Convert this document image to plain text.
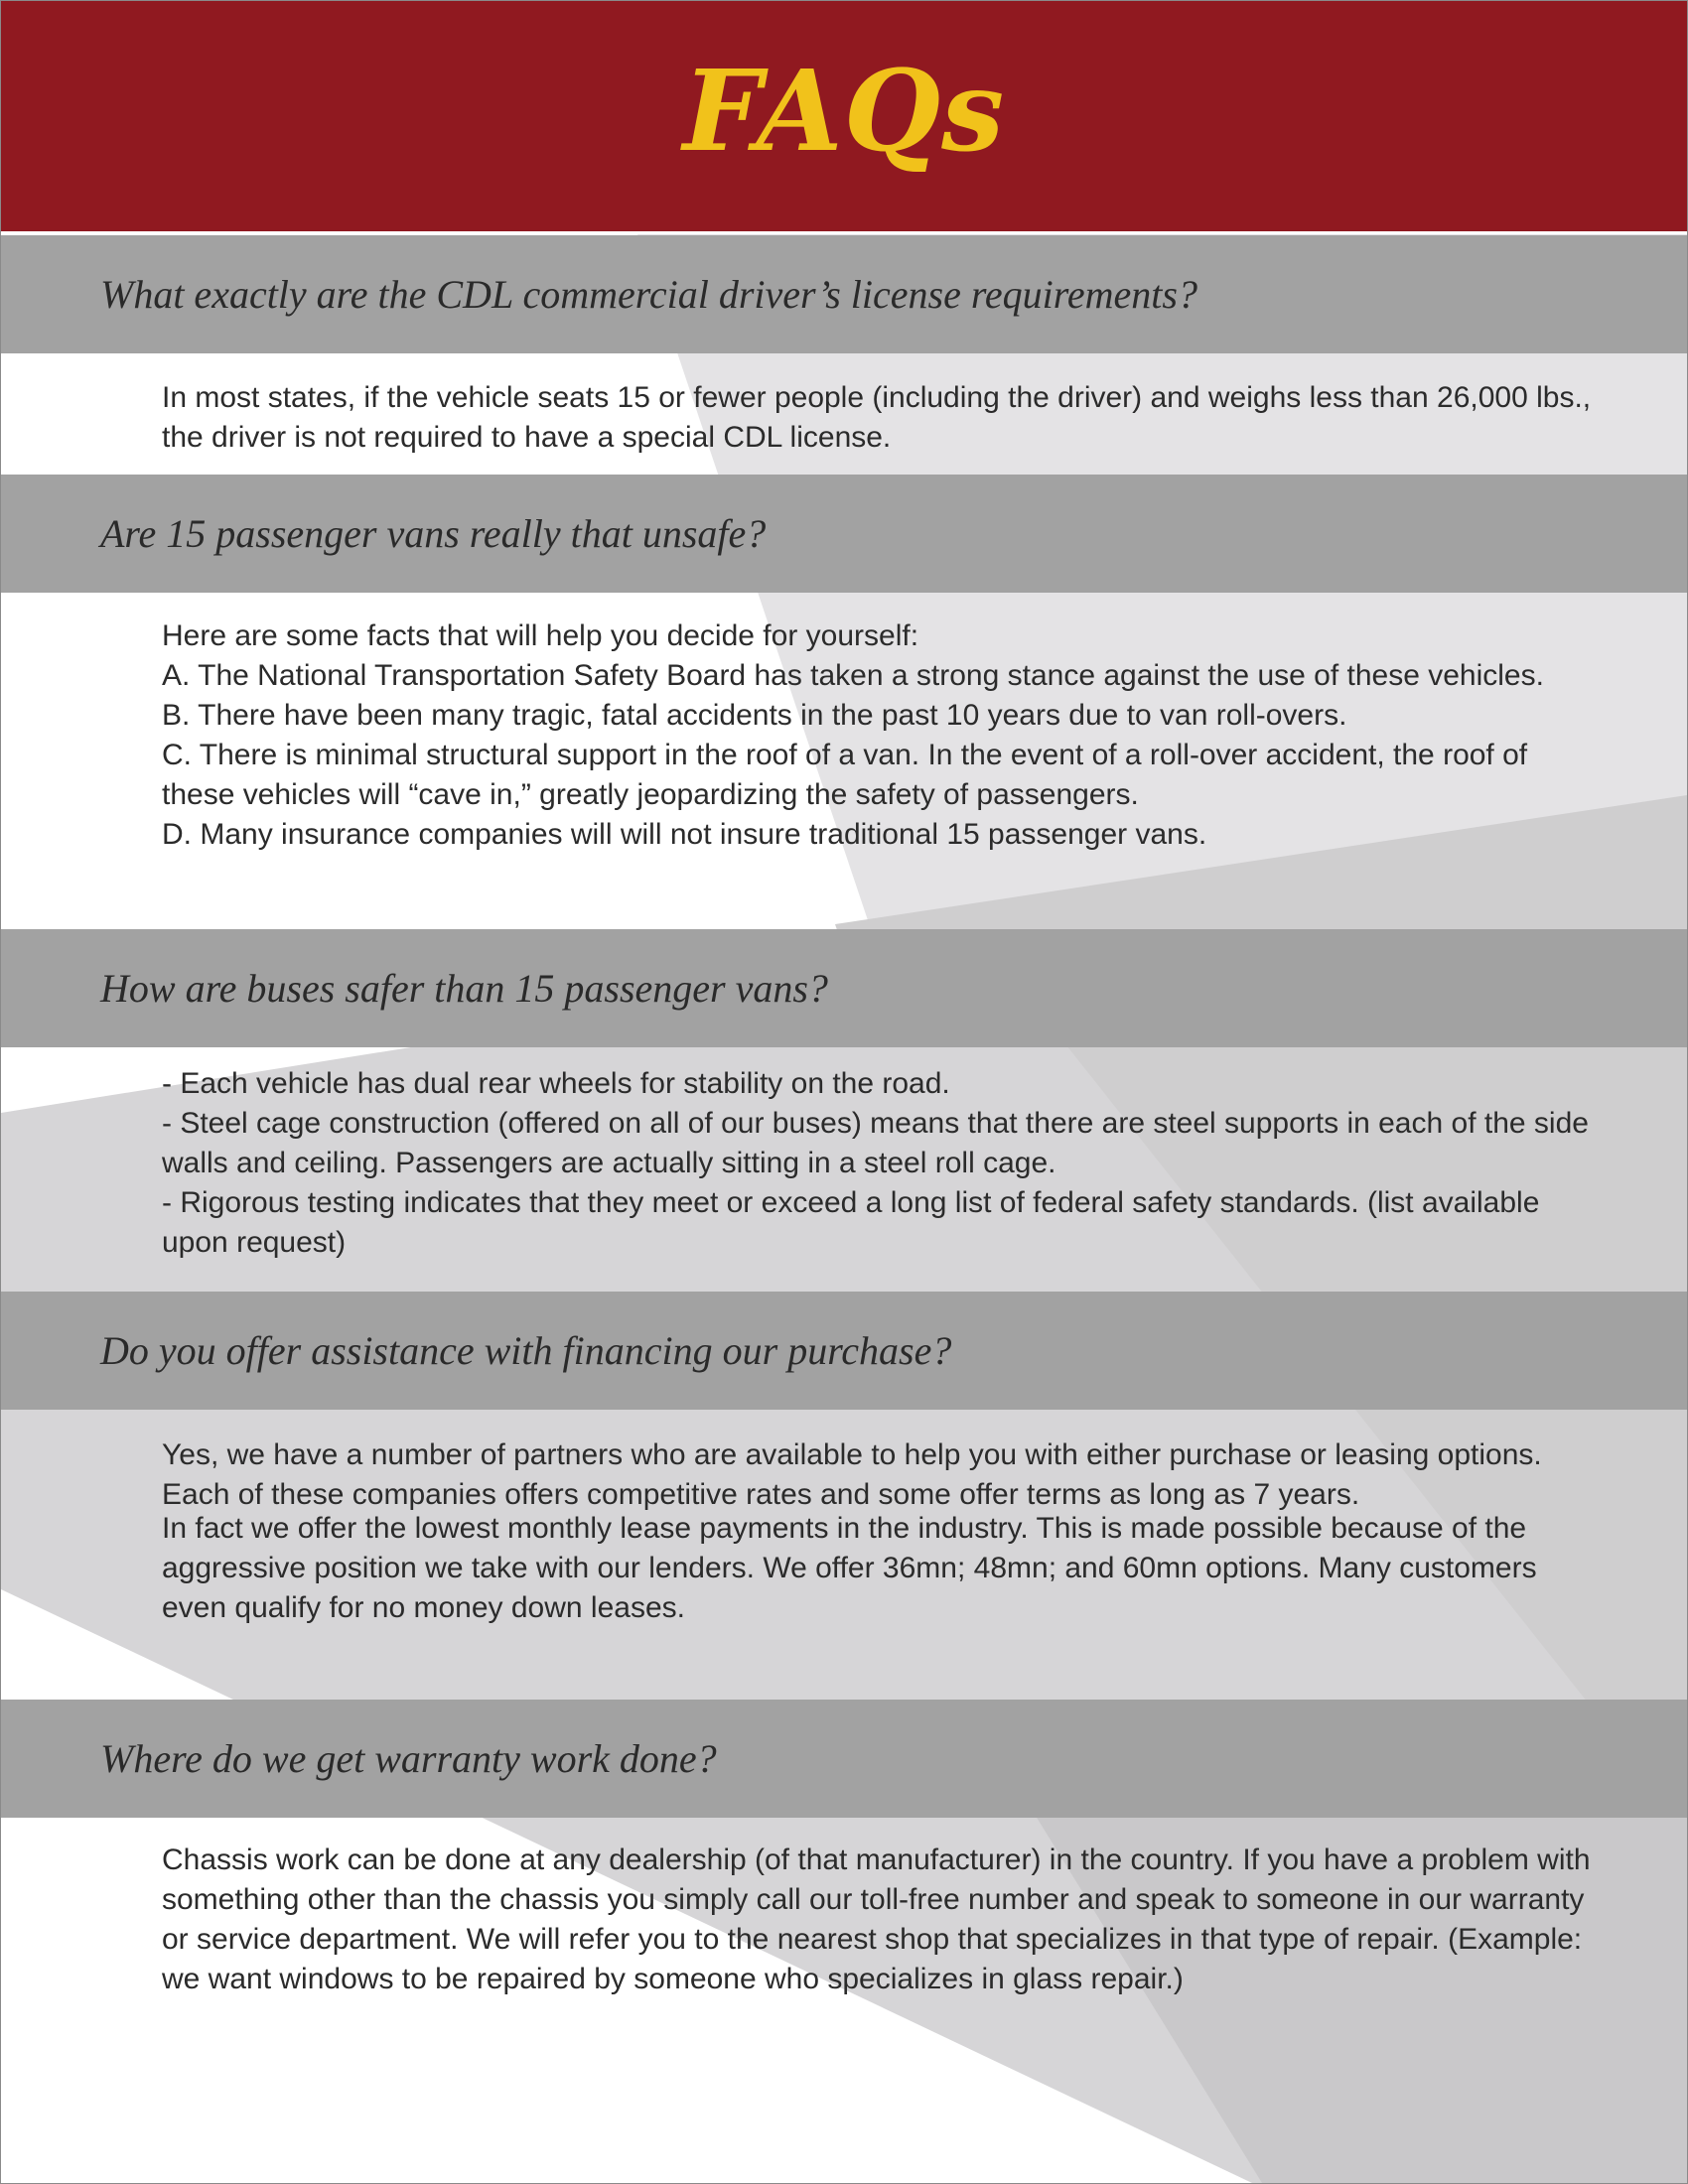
FAQs
What exactly are the CDL commercial driver’s license requirements?

In most states, if the vehicle seats 15 or fewer people (including the driver) and weighs less than 26,000 lbs., the driver is not required to have a special CDL license.

Are 15 passenger vans really that unsafe?

Here are some facts that will help you decide for yourself:

A. The National Transportation Safety Board has taken a strong stance against the use of these vehicles.

B. There have been many tragic, fatal accidents in the past 10 years due to van roll-overs.

C. There is minimal structural support in the roof of a van. In the event of a roll-over accident, the roof of these vehicles will “cave in,” greatly jeopardizing the safety of passengers.

D. Many insurance companies will will not insure traditional 15 passenger vans.

How are buses safer than 15 passenger vans?

- Each vehicle has dual rear wheels for stability on the road.

- Steel cage construction (offered on all of our buses) means that there are steel supports in each of the side walls and ceiling. Passengers are actually sitting in a steel roll cage.

- Rigorous testing indicates that they meet or exceed a long list of federal safety standards. (list available upon request)

Do you offer assistance with financing our purchase?

Yes, we have a number of partners who are available to help you with either purchase or leasing options. Each of these companies offers competitive rates and some offer terms as long as 7 years.

In fact we offer the lowest monthly lease payments in the industry. This is made possible because of the aggressive position we take with our lenders. We offer 36mn; 48mn; and 60mn options. Many customers even qualify for no money down leases.

Where do we get warranty work done?

Chassis work can be done at any dealership (of that manufacturer) in the country. If you have a problem with something other than the chassis you simply call our toll-free number and speak to someone in our warranty or service department. We will refer you to the nearest shop that specializes in that type of repair. (Example: we want windows to be repaired by someone who specializes in glass repair.)
